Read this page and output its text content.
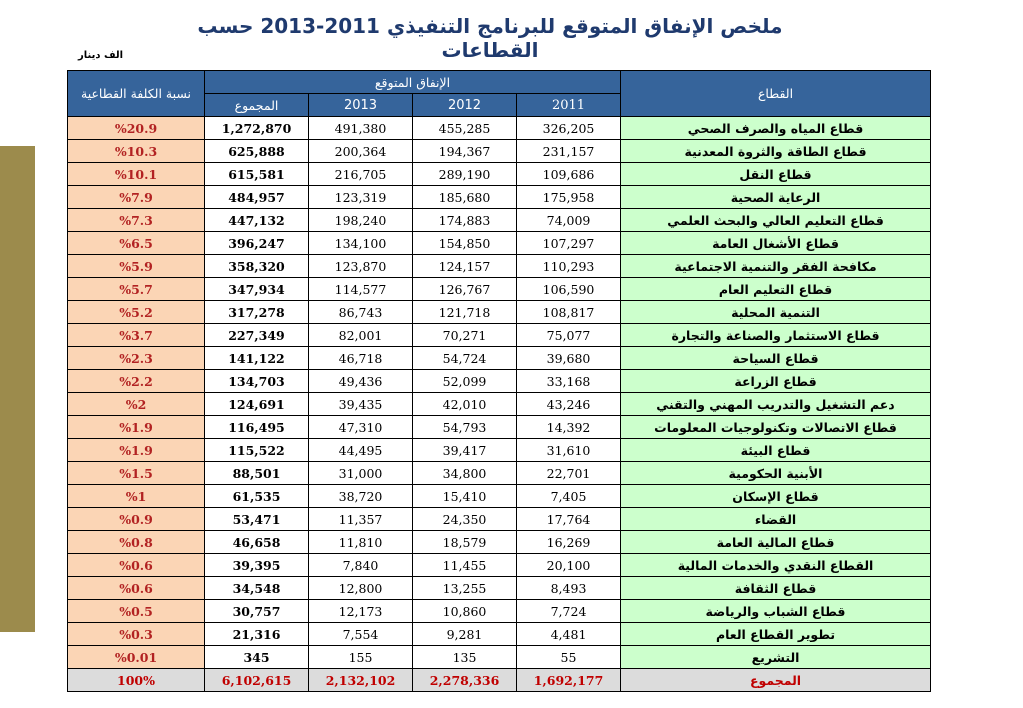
ملخص الإنفاق المتوقع للبرنامج التنفيذي 2011-2013 حسب القطاعات
الف دينار
نسبة الكلفة القطاعية	الإنفاق المتوقع				القطاع
	المجموع	2013	2012	2011	
%20.9	1,272,870	491,380	455,285	326,205	قطاع المياه والصرف الصحي
%10.3	625,888	200,364	194,367	231,157	قطاع الطاقة والثروة المعدنية
%10.1	615,581	216,705	289,190	109,686	قطاع النقل
%7.9	484,957	123,319	185,680	175,958	الرعاية الصحية
%7.3	447,132	198,240	174,883	74,009	قطاع التعليم العالي والبحث العلمي
%6.5	396,247	134,100	154,850	107,297	قطاع الأشغال العامة
%5.9	358,320	123,870	124,157	110,293	مكافحة الفقر والتنمية الاجتماعية
%5.7	347,934	114,577	126,767	106,590	قطاع التعليم العام
%5.2	317,278	86,743	121,718	108,817	التنمية المحلية
%3.7	227,349	82,001	70,271	75,077	قطاع الاستثمار والصناعة والتجارة
%2.3	141,122	46,718	54,724	39,680	قطاع السياحة
%2.2	134,703	49,436	52,099	33,168	قطاع الزراعة
%2	124,691	39,435	42,010	43,246	دعم التشغيل والتدريب المهني والتقني
%1.9	116,495	47,310	54,793	14,392	قطاع الاتصالات وتكنولوجيات المعلومات
%1.9	115,522	44,495	39,417	31,610	قطاع البيئة
%1.5	88,501	31,000	34,800	22,701	الأبنية الحكومية
%1	61,535	38,720	15,410	7,405	قطاع الإسكان
%0.9	53,471	11,357	24,350	17,764	القضاء
%0.8	46,658	11,810	18,579	16,269	قطاع المالية العامة
%0.6	39,395	7,840	11,455	20,100	القطاع النقدي والخدمات المالية
%0.6	34,548	12,800	13,255	8,493	قطاع الثقافة
%0.5	30,757	12,173	10,860	7,724	قطاع الشباب والرياضة
%0.3	21,316	7,554	9,281	4,481	تطوير القطاع العام
%0.01	345	155	135	55	التشريع
100%	6,102,615	2,132,102	2,278,336	1,692,177	المجموع
